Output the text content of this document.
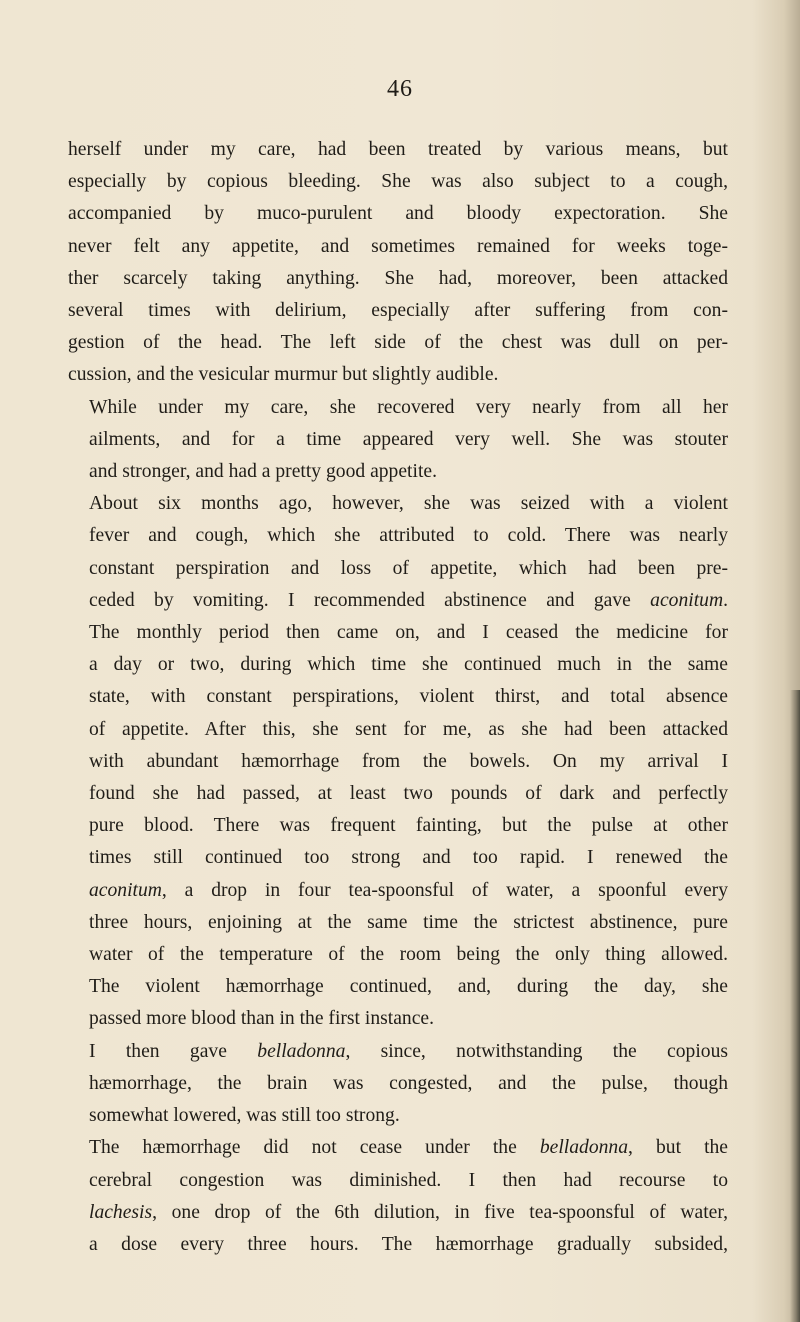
46

herself under my care, had been treated by various means, but
especially by copious bleeding. She was also subject to a cough,
accompanied by muco-purulent and bloody expectoration. She
never felt any appetite, and sometimes remained for weeks toge-
ther scarcely taking anything. She had, moreover, been attacked
several times with delirium, especially after suffering from con-
gestion of the head. The left side of the chest was dull on per-
cussion, and the vesicular murmur but slightly audible.

While under my care, she recovered very nearly from all her
ailments, and for a time appeared very well. She was stouter
and stronger, and had a pretty good appetite.

About six months ago, however, she was seized with a violent
fever and cough, which she attributed to cold. There was nearly
constant perspiration and loss of appetite, which had been pre-
ceded by vomiting. I recommended abstinence and gave aconitum.
The monthly period then came on, and I ceased the medicine for
a day or two, during which time she continued much in the same
state, with constant perspirations, violent thirst, and total absence
of appetite. After this, she sent for me, as she had been attacked
with abundant hæmorrhage from the bowels. On my arrival I
found she had passed, at least two pounds of dark and perfectly
pure blood. There was frequent fainting, but the pulse at other
times still continued too strong and too rapid. I renewed the
aconitum, a drop in four tea-spoonsful of water, a spoonful every
three hours, enjoining at the same time the strictest abstinence, pure
water of the temperature of the room being the only thing allowed.
The violent hæmorrhage continued, and, during the day, she
passed more blood than in the first instance.

I then gave belladonna, since, notwithstanding the copious
hæmorrhage, the brain was congested, and the pulse, though
somewhat lowered, was still too strong.

The hæmorrhage did not cease under the belladonna, but the
cerebral congestion was diminished. I then had recourse to
lachesis, one drop of the 6th dilution, in five tea-spoonsful of water,
a dose every three hours. The hæmorrhage gradually subsided,
